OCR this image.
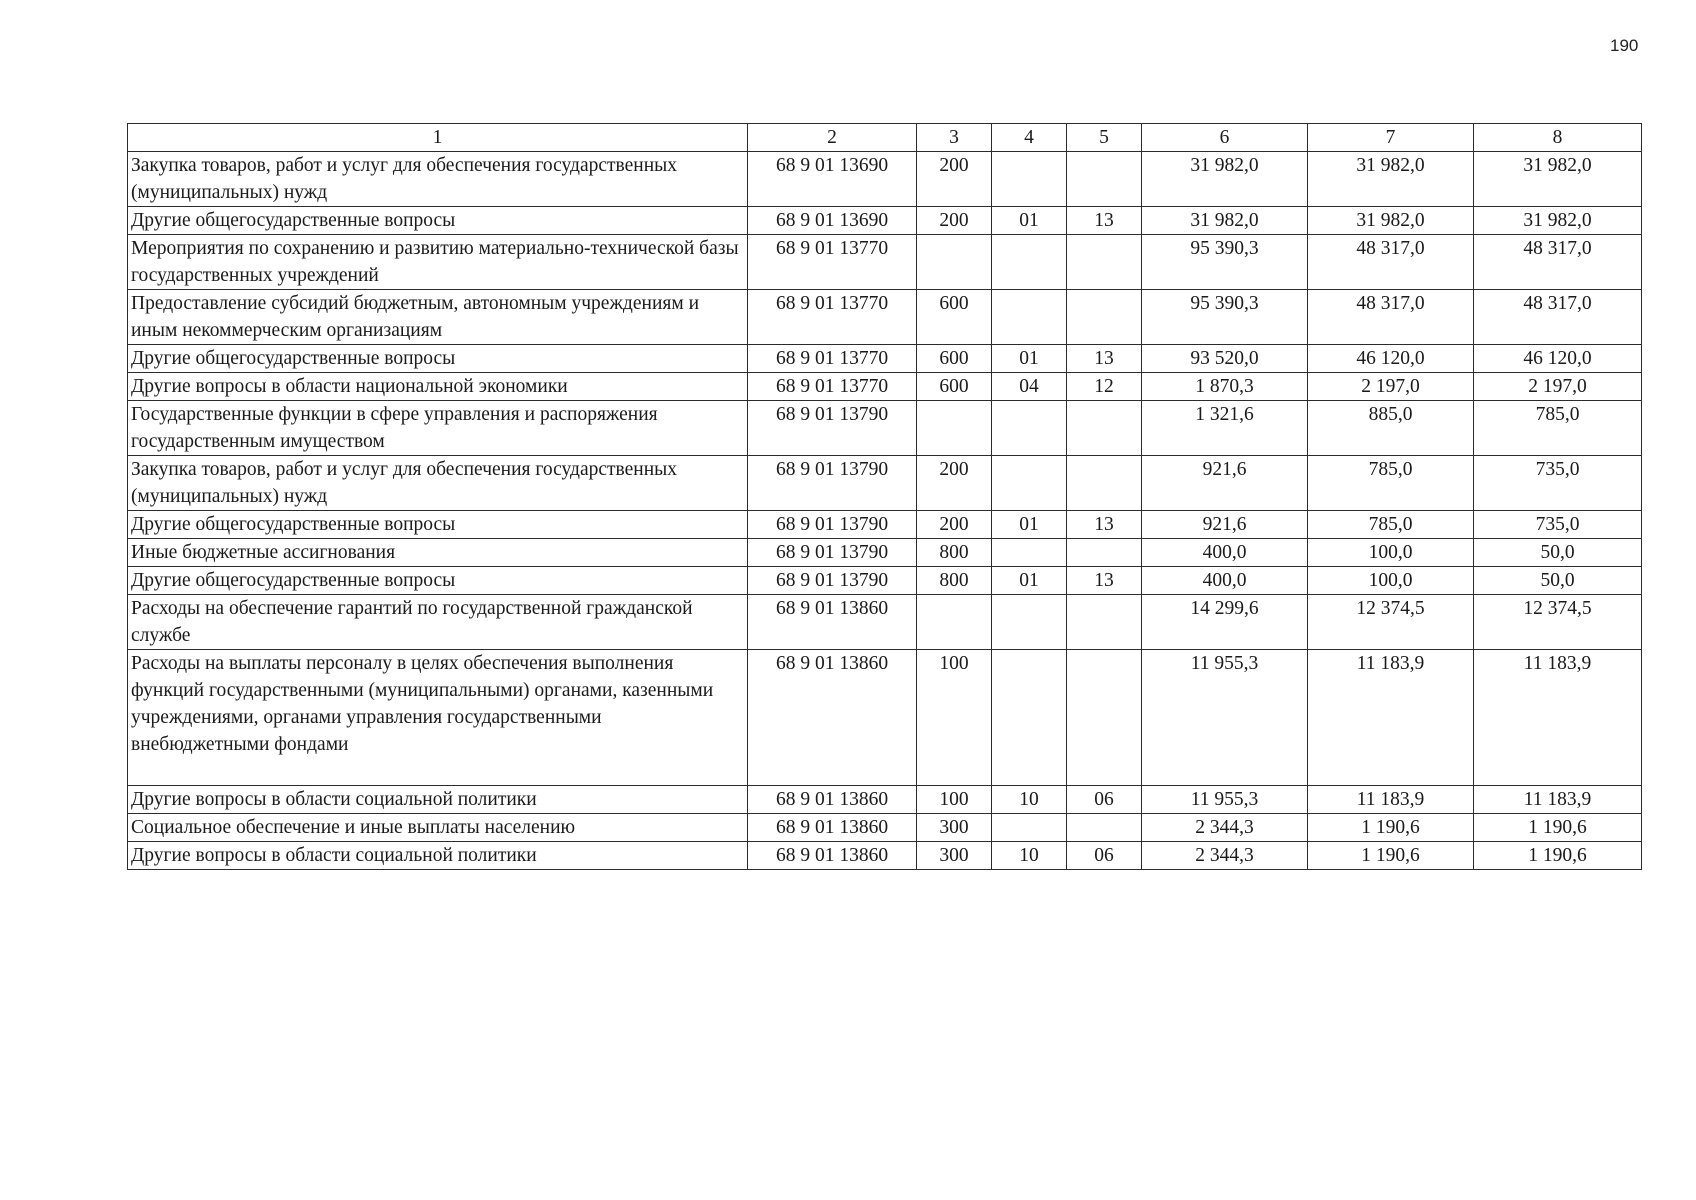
190
1	2	3	4	5	6	7	8
Закупка товаров, работ и услуг для обеспечения государственных (муниципальных) нужд	68 9 01 13690	200			31 982,0	31 982,0	31 982,0
Другие общегосударственные вопросы	68 9 01 13690	200	01	13	31 982,0	31 982,0	31 982,0
Мероприятия по сохранению и развитию материально-технической базы государственных учреждений	68 9 01 13770				95 390,3	48 317,0	48 317,0
Предоставление субсидий бюджетным, автономным учреждениям и иным некоммерческим организациям	68 9 01 13770	600			95 390,3	48 317,0	48 317,0
Другие общегосударственные вопросы	68 9 01 13770	600	01	13	93 520,0	46 120,0	46 120,0
Другие вопросы в области национальной экономики	68 9 01 13770	600	04	12	1 870,3	2 197,0	2 197,0
Государственные функции в сфере управления и распоряжения государственным имуществом	68 9 01 13790				1 321,6	885,0	785,0
Закупка товаров, работ и услуг для обеспечения государственных (муниципальных) нужд	68 9 01 13790	200			921,6	785,0	735,0
Другие общегосударственные вопросы	68 9 01 13790	200	01	13	921,6	785,0	735,0
Иные бюджетные ассигнования	68 9 01 13790	800			400,0	100,0	50,0
Другие общегосударственные вопросы	68 9 01 13790	800	01	13	400,0	100,0	50,0
Расходы на обеспечение гарантий по государственной гражданской службе	68 9 01 13860				14 299,6	12 374,5	12 374,5
Расходы на выплаты персоналу в целях обеспечения выполнения функций государственными (муниципальными) органами, казенными учреждениями, органами управления государственными внебюджетными фондами	68 9 01 13860	100			11 955,3	11 183,9	11 183,9
Другие вопросы в области социальной политики	68 9 01 13860	100	10	06	11 955,3	11 183,9	11 183,9
Социальное обеспечение и иные выплаты населению	68 9 01 13860	300			2 344,3	1 190,6	1 190,6
Другие вопросы в области социальной политики	68 9 01 13860	300	10	06	2 344,3	1 190,6	1 190,6
